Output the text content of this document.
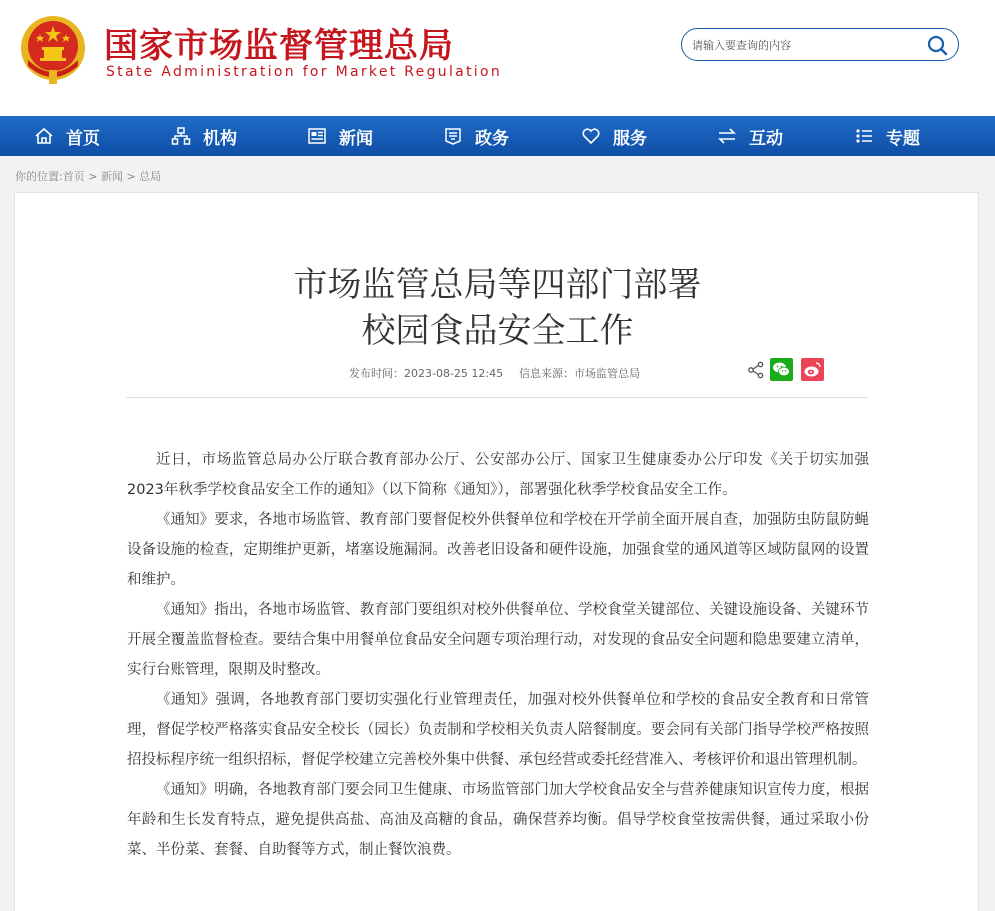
国家市场监督管理总局
State Administration for Market Regulation
请输入要查询的内容
首页	机构	新闻	政务	服务	互动	专题
你的位置:首页 > 新闻 > 总局
市场监管总局等四部门部署
校园食品安全工作
发布时间：2023-08-25 12:45 信息来源：市场监管总局

近日，市场监管总局办公厅联合教育部办公厅、公安部办公厅、国家卫生健康委办公厅印发《关于切实加强2023年秋季学校食品安全工作的通知》（以下简称《通知》），部署强化秋季学校食品安全工作。

《通知》要求，各地市场监管、教育部门要督促校外供餐单位和学校在开学前全面开展自查，加强防虫防鼠防蝇设备设施的检查，定期维护更新，堵塞设施漏洞。改善老旧设备和硬件设施，加强食堂的通风道等区域防鼠网的设置和维护。

《通知》指出，各地市场监管、教育部门要组织对校外供餐单位、学校食堂关键部位、关键设施设备、关键环节开展全覆盖监督检查。要结合集中用餐单位食品安全问题专项治理行动，对发现的食品安全问题和隐患要建立清单，实行台账管理，限期及时整改。

《通知》强调，各地教育部门要切实强化行业管理责任，加强对校外供餐单位和学校的食品安全教育和日常管理，督促学校严格落实食品安全校长（园长）负责制和学校相关负责人陪餐制度。要会同有关部门指导学校严格按照招投标程序统一组织招标，督促学校建立完善校外集中供餐、承包经营或委托经营准入、考核评价和退出管理机制。

《通知》明确，各地教育部门要会同卫生健康、市场监管部门加大学校食品安全与营养健康知识宣传力度，根据年龄和生长发育特点，避免提供高盐、高油及高糖的食品，确保营养均衡。倡导学校食堂按需供餐，通过采取小份菜、半份菜、套餐、自助餐等方式，制止餐饮浪费。
